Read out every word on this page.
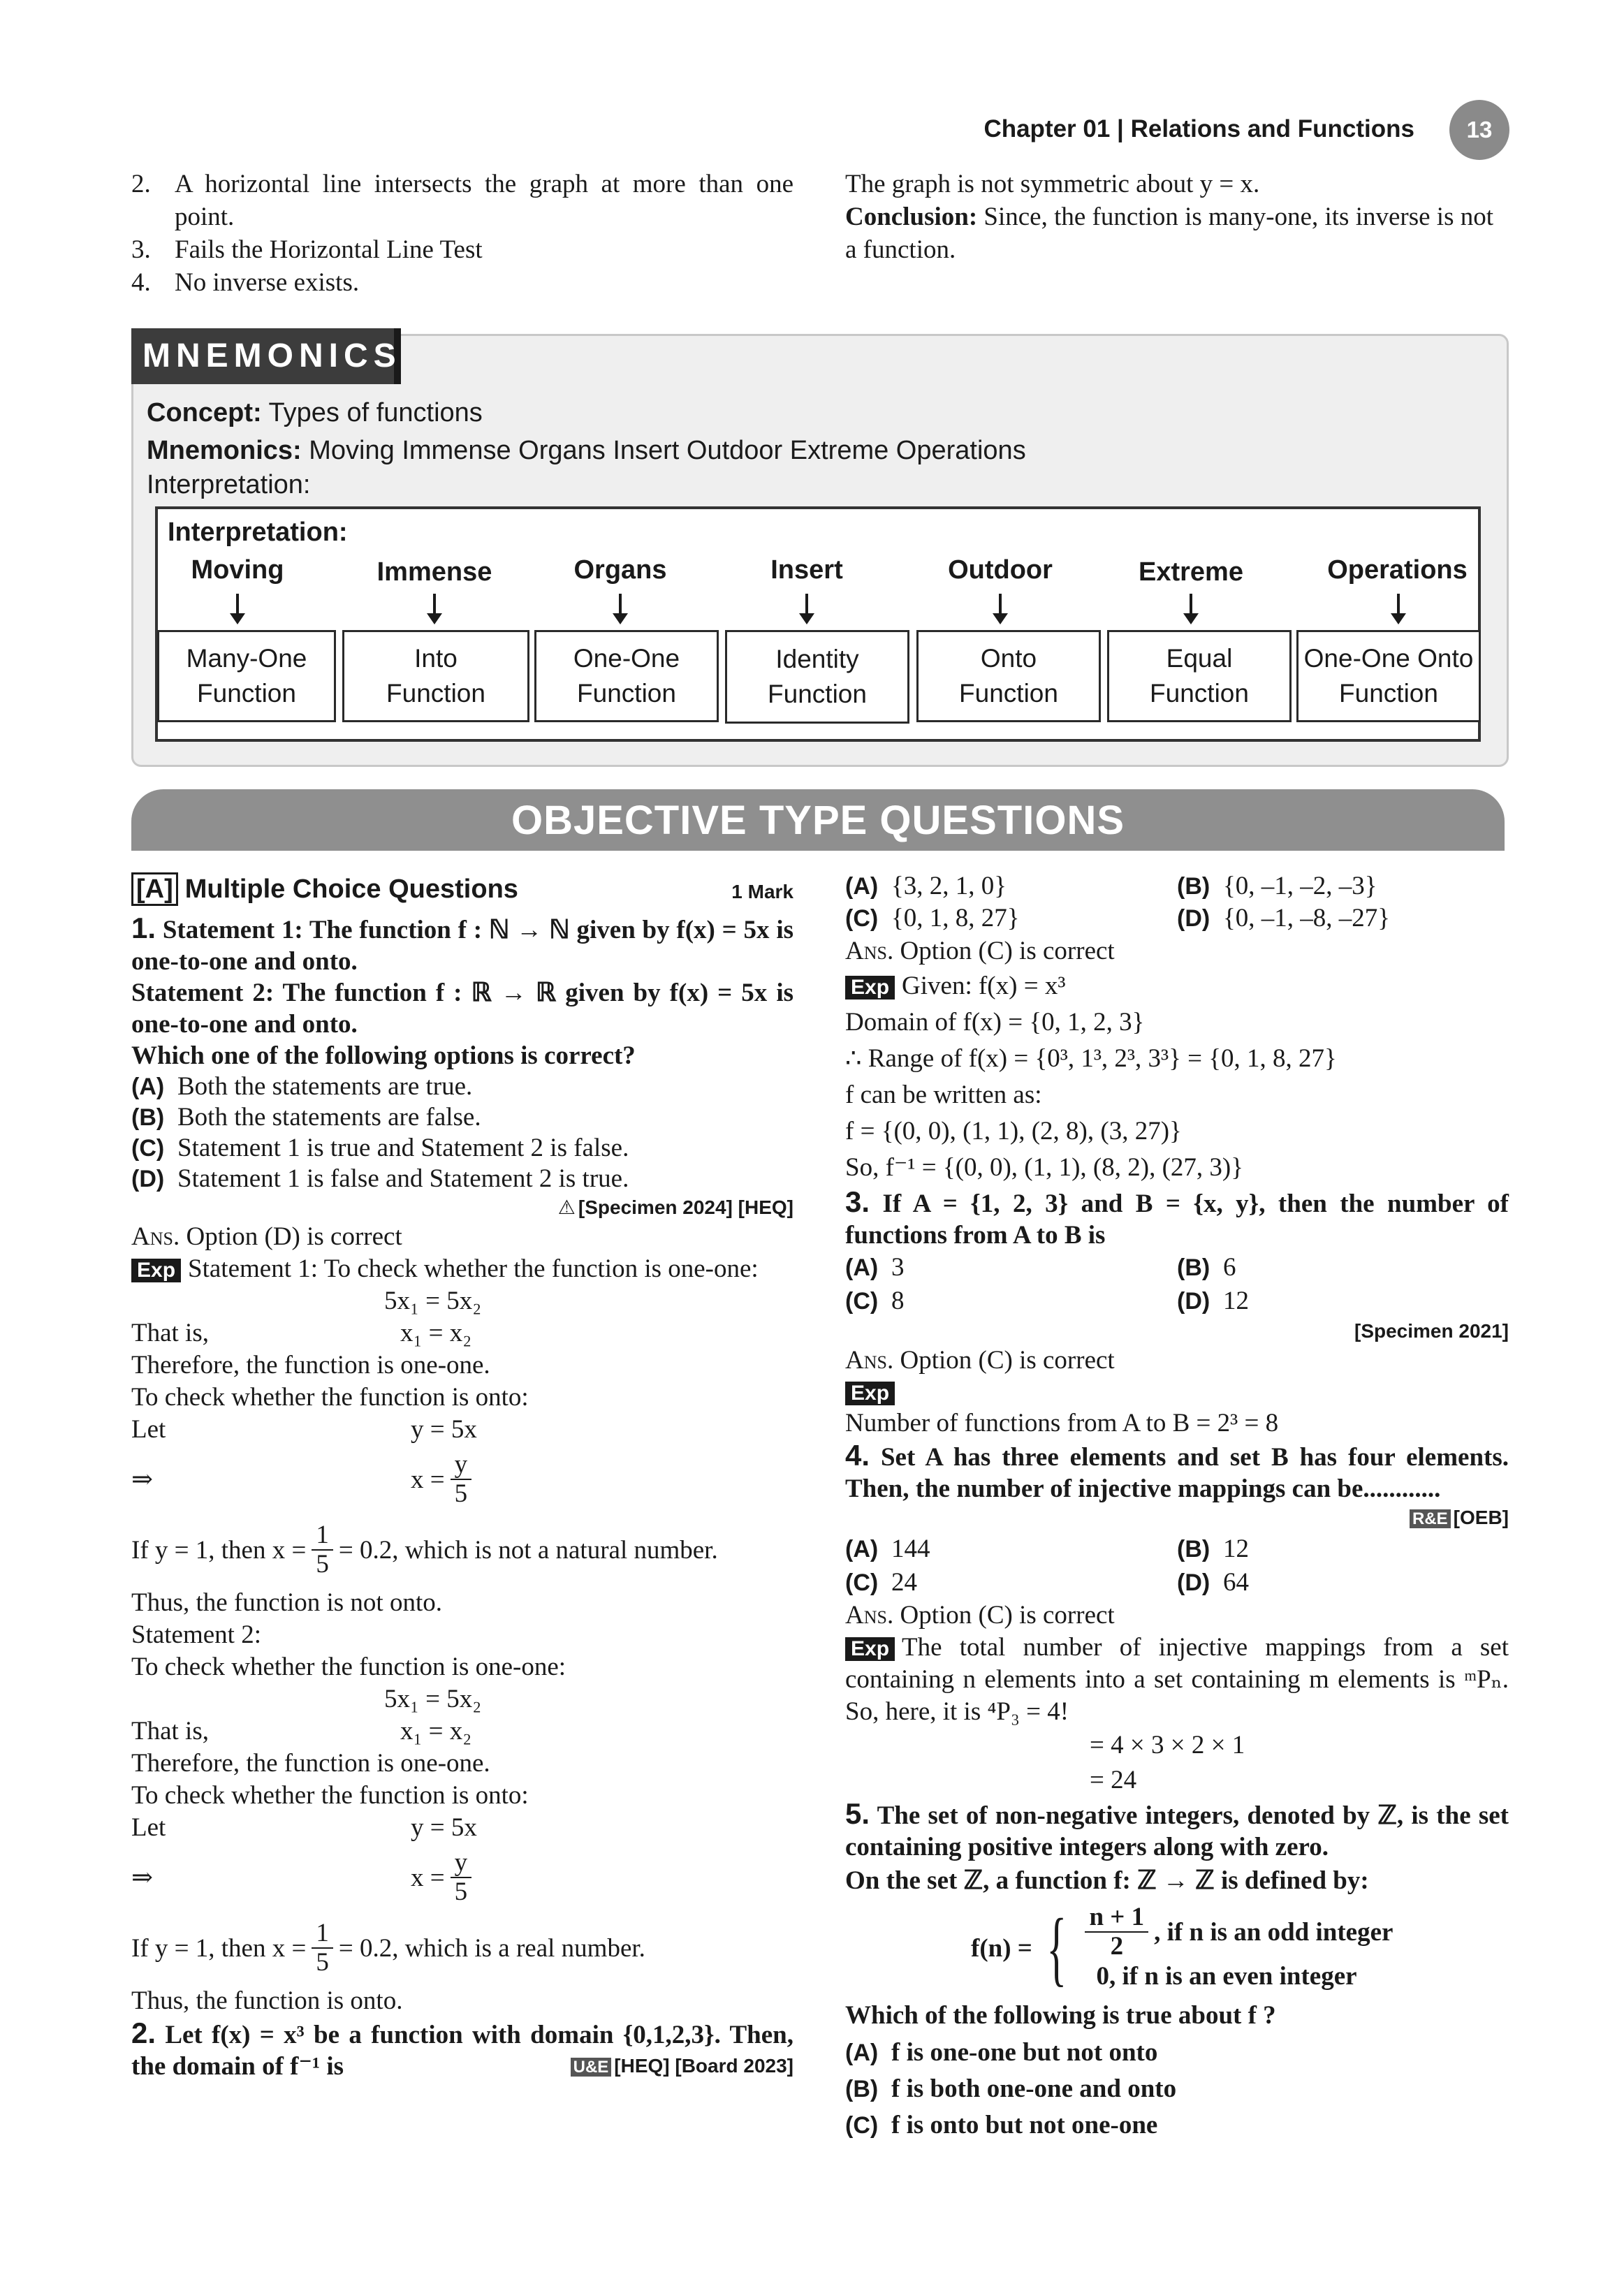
Chapter 01 | Relations and Functions	13
2. A horizontal line intersects the graph at more than one point.
3. Fails the Horizontal Line Test
4. No inverse exists.

The graph is not symmetric about y = x.

Conclusion: Since, the function is many-one, its inverse is not a function.

MNEMONICS
Concept: Types of functions
Mnemonics: Moving Immense Organs Insert Outdoor Extreme Operations
Interpretation:
Interpretation:
Moving	Immense	Organs	Insert	Outdoor	Extreme	Operations
Many-One
Function
Into
Function
One-One
Function
Identity
Function
Onto
Function
Equal
Function
One-One Onto
Function
OBJECTIVE TYPE QUESTIONS
[A] Multiple Choice Questions	1 Mark

1. Statement 1: The function f : ℕ → ℕ given by f(x) = 5x is one-to-one and onto.

Statement 2: The function f : ℝ → ℝ given by f(x) = 5x is one-to-one and onto.

Which one of the following options is correct?

(A) Both the statements are true.
(B) Both the statements are false.
(C) Statement 1 is true and Statement 2 is false.
(D) Statement 1 is false and Statement 2 is true.
⚠ [Specimen 2024] [HEQ]

Ans. Option (D) is correct

Exp Statement 1: To check whether the function is one-one:

5x₁ = 5x₂
That is,	x₁ = x₂

Therefore, the function is one-one.

To check whether the function is onto:

Let	y = 5x
⇒	$x = \frac{y}{5}$
If y = 1, then $x = \frac{1}{5} = 0.2$, which is not a natural number.

Thus, the function is not onto.

Statement 2:

To check whether the function is one-one:

5x₁ = 5x₂
That is,	x₁ = x₂

Therefore, the function is one-one.

To check whether the function is onto:

Let	y = 5x
⇒	$x = \frac{y}{5}$
If y = 1, then $x = \frac{1}{5} = 0.2$, which is a real number.

Thus, the function is onto.

2. Let f(x) = x³ be a function with domain {0,1,2,3}. Then, the domain of f⁻¹ is	U&E [HEQ] [Board 2023]
(A) {3, 2, 1, 0}	(B) {0, –1, –2, –3}
(C) {0, 1, 8, 27}	(D) {0, –1, –8, –27}

Ans. Option (C) is correct

Exp Given: f(x) = x³

Domain of f(x) = {0, 1, 2, 3}

∴ Range of f(x) = {0³, 1³, 2³, 3³} = {0, 1, 8, 27}

f can be written as:

f = {(0, 0), (1, 1), (2, 8), (3, 27)}

So, f⁻¹ = {(0, 0), (1, 1), (8, 2), (27, 3)}

3. If A = {1, 2, 3} and B = {x, y}, then the number of functions from A to B is

(A) 3	(B) 6
(C) 8	(D) 12
[Specimen 2021]

Ans. Option (C) is correct

Exp

Number of functions from A to B = 2³ = 8

4. Set A has three elements and set B has four elements. Then, the number of injective mappings can be............

R&E [OEB]
(A) 144	(B) 12
(C) 24	(D) 64

Ans. Option (C) is correct

Exp The total number of injective mappings from a set containing n elements into a set containing m elements is ᵐPₙ. So, here, it is ⁴P₃ = 4!

= 4 × 3 × 2 × 1

= 24

5. The set of non-negative integers, denoted by ℤ, is the set containing positive integers along with zero.

On the set ℤ, a function f: ℤ → ℤ is defined by:

f(n) = { $\frac{n + 1}{2}$ , if n is an odd integer
0, if n is an even integer

Which of the following is true about f ?

(A) f is one-one but not onto
(B) f is both one-one and onto
(C) f is onto but not one-one
